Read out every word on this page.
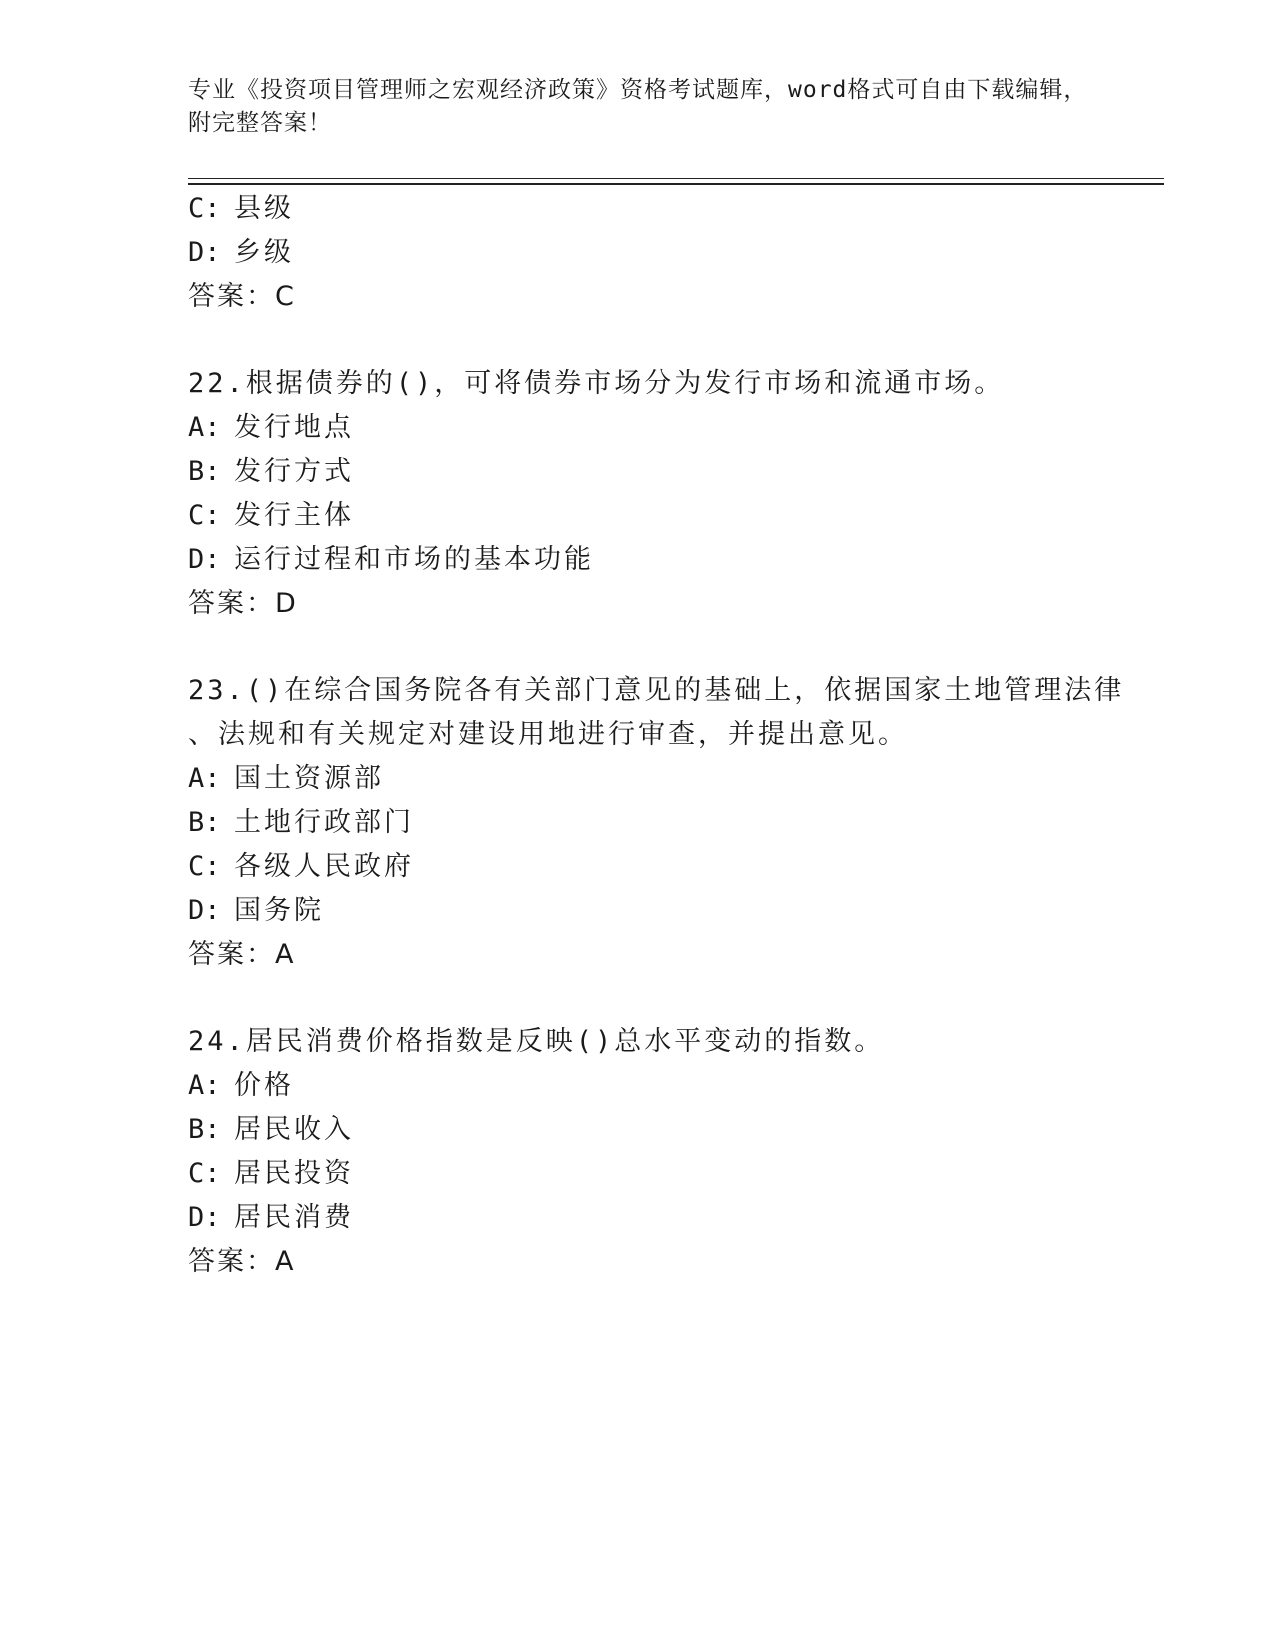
专业《投资项目管理师之宏观经济政策》资格考试题库，word格式可自由下载编辑，附完整答案！
C: 县级
D: 乡级
答案：C
22.根据债券的()，可将债券市场分为发行市场和流通市场。
A: 发行地点
B: 发行方式
C: 发行主体
D: 运行过程和市场的基本功能
答案：D
23.()在综合国务院各有关部门意见的基础上，依据国家土地管理法律
、法规和有关规定对建设用地进行审查，并提出意见。
A: 国土资源部
B: 土地行政部门
C: 各级人民政府
D: 国务院
答案：A
24.居民消费价格指数是反映()总水平变动的指数。
A: 价格
B: 居民收入
C: 居民投资
D: 居民消费
答案：A
